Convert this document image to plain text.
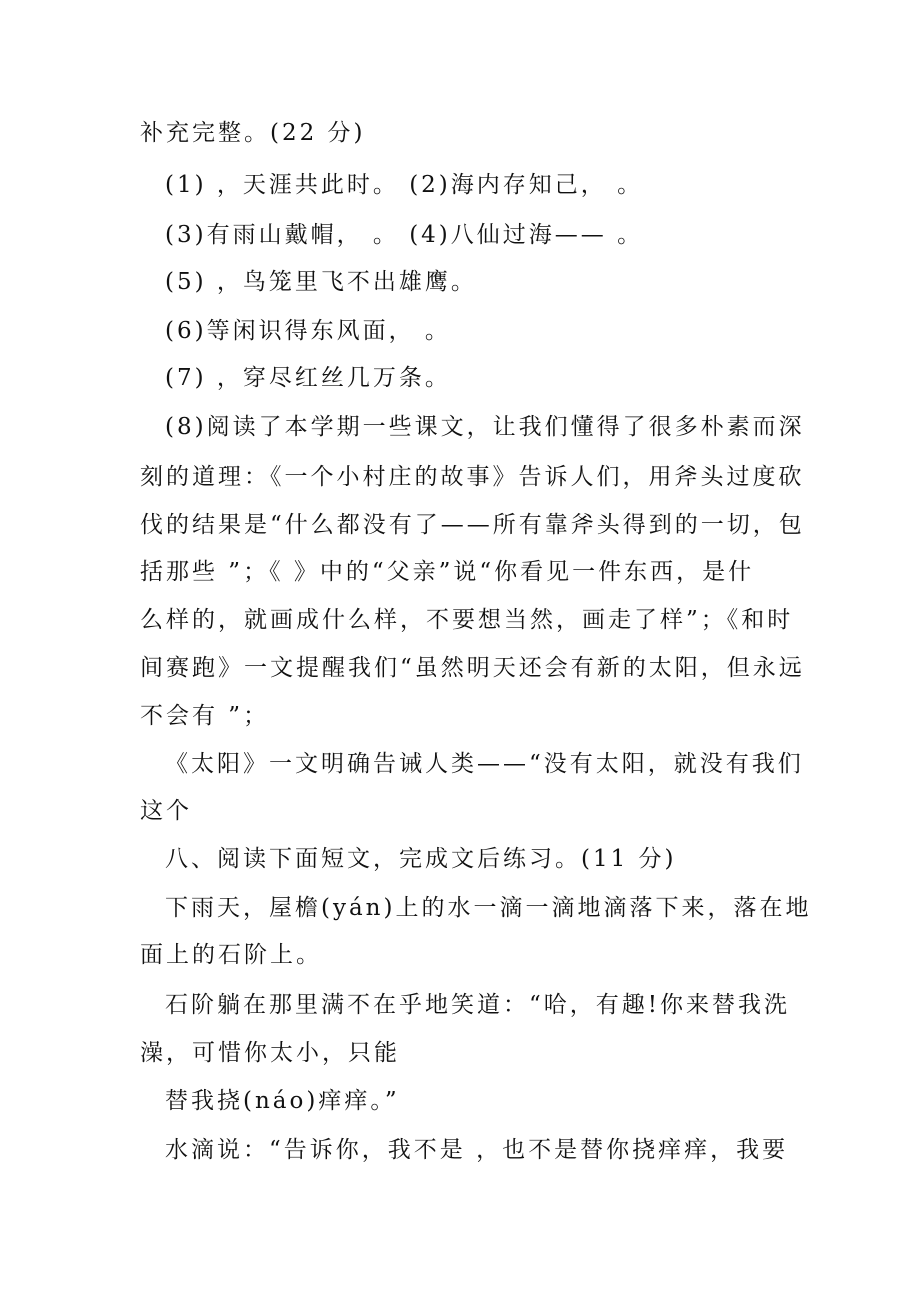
补充完整。(22 分)
(1) ，天涯共此时。 (2)海内存知己， 。
(3)有雨山戴帽， 。 (4)八仙过海—— 。
(5) ，鸟笼里飞不出雄鹰。
(6)等闲识得东风面， 。
(7) ，穿尽红丝几万条。
(8)阅读了本学期一些课文，让我们懂得了很多朴素而深
刻的道理：《一个小村庄的故事》告诉人们，用斧头过度砍
伐的结果是“什么都没有了——所有靠斧头得到的一切，包
括那些 ”；《 》中的“父亲”说“你看见一件东西，是什
么样的，就画成什么样，不要想当然，画走了样”；《和时
间赛跑》一文提醒我们“虽然明天还会有新的太阳，但永远
不会有 ”；
《太阳》一文明确告诫人类——“没有太阳，就没有我们
这个
八、阅读下面短文，完成文后练习。(11 分)
下雨天，屋檐(yán)上的水一滴一滴地滴落下来，落在地
面上的石阶上。
石阶躺在那里满不在乎地笑道：“哈，有趣!你来替我洗
澡，可惜你太小，只能
替我挠(náo)痒痒。”
水滴说：“告诉你，我不是 ，也不是替你挠痒痒，我要
